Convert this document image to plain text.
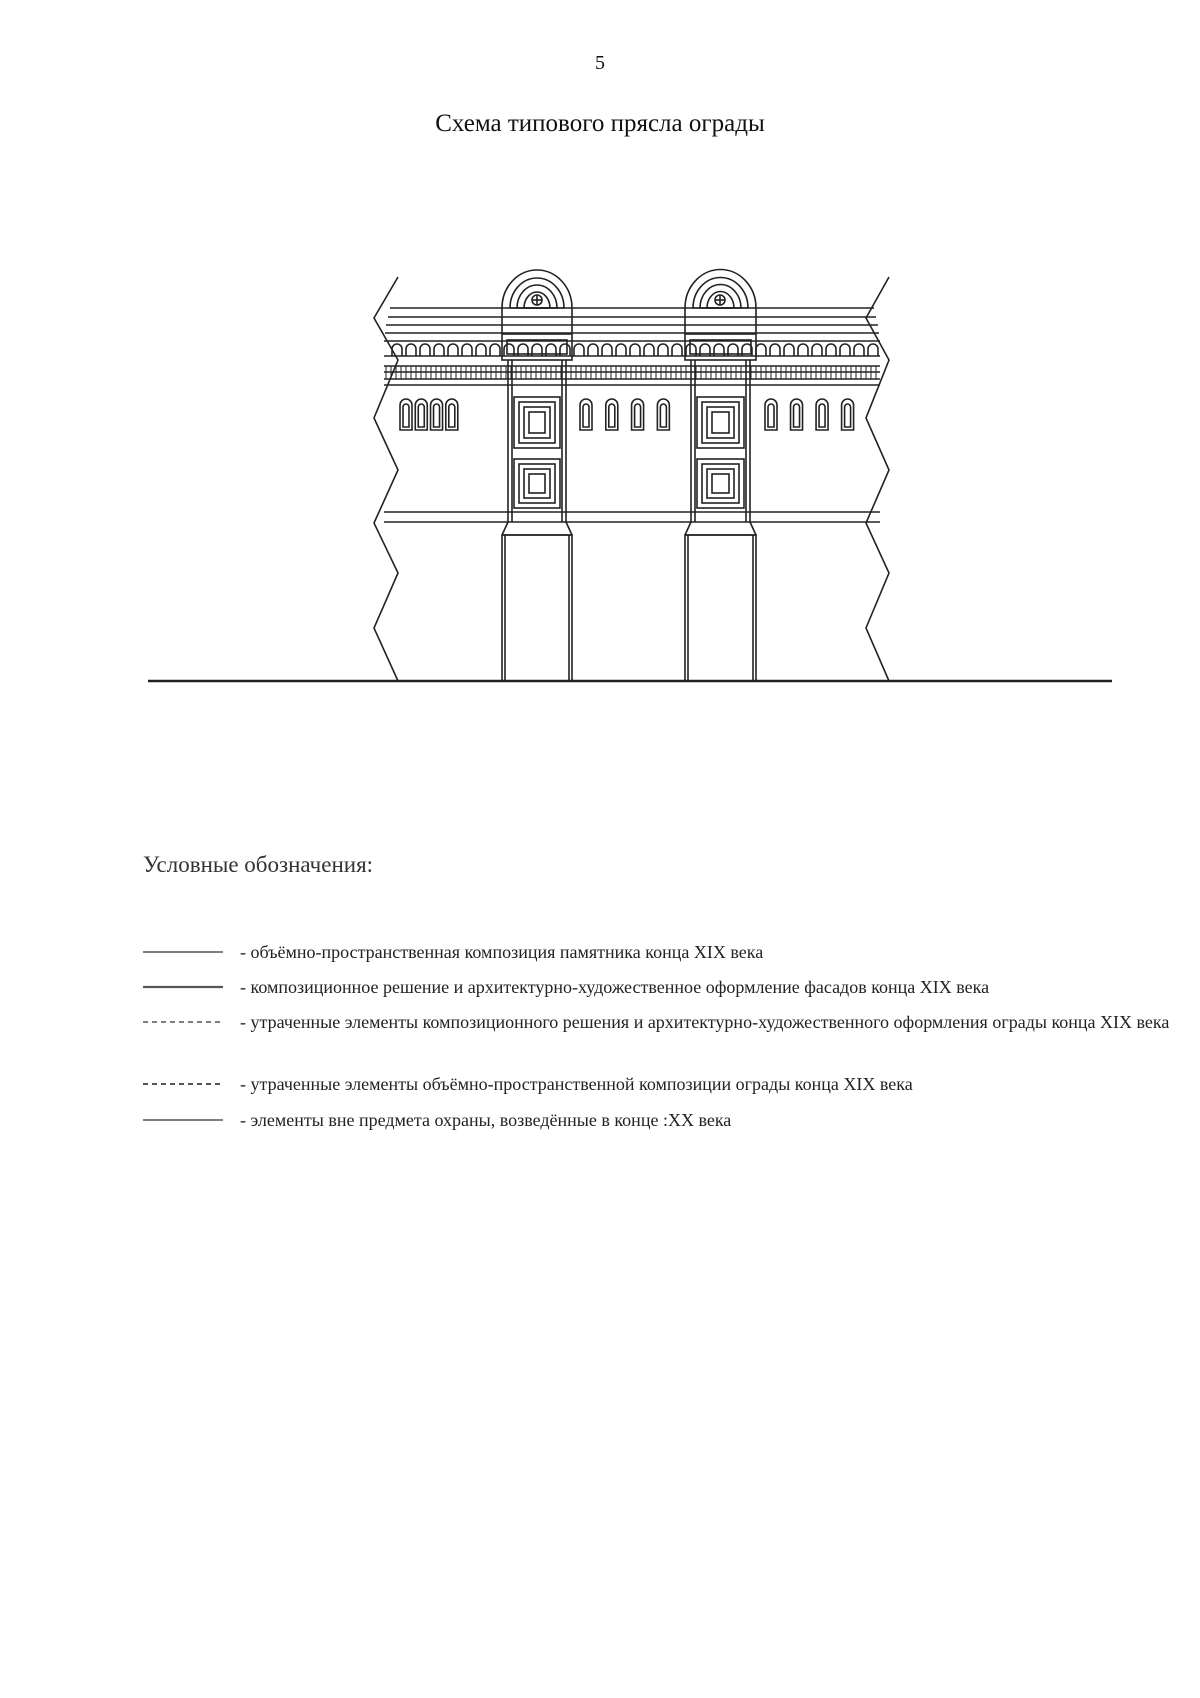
5
Схема типового прясла ограды
Условные обозначения:
- объёмно-пространственная композиция памятника конца XIX века
- композиционное решение и архитектурно-художественное оформление фасадов конца XIX века
- утраченные элементы композиционного решения и архитектурно-художественного оформления ограды конца XIX века
- утраченные элементы объёмно-пространственной композиции ограды конца XIX века
- элементы вне предмета охраны, возведённые в конце :XX века
